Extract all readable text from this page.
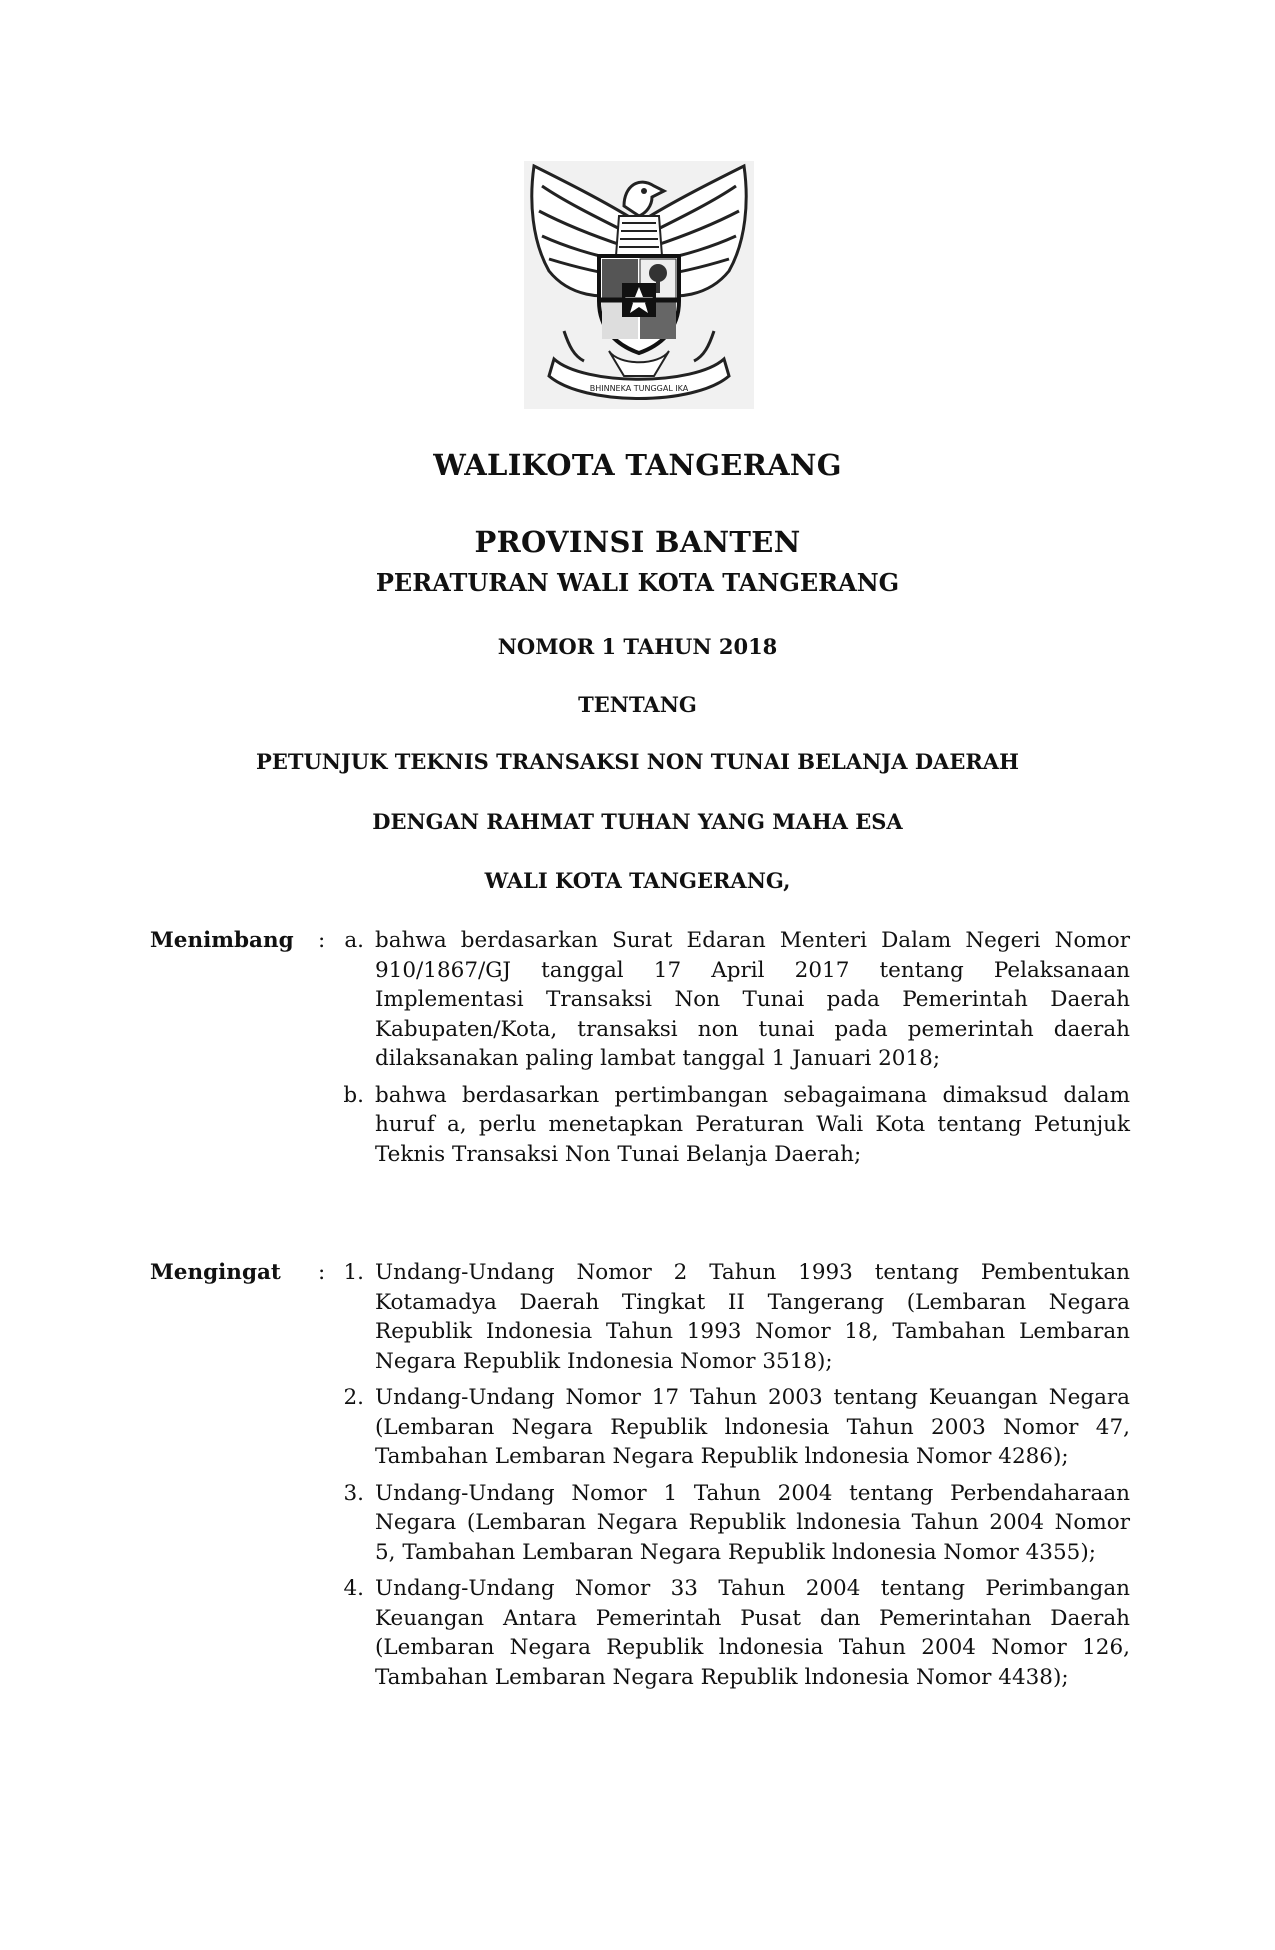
BHINNEKA TUNGGAL IKA
WALIKOTA TANGERANG
PROVINSI BANTEN
PERATURAN WALI KOTA TANGERANG
NOMOR 1 TAHUN 2018
TENTANG
PETUNJUK TEKNIS TRANSAKSI NON TUNAI BELANJA DAERAH
DENGAN RAHMAT TUHAN YANG MAHA ESA
WALI KOTA TANGERANG,
Menimbang	: a. bahwa berdasarkan Surat Edaran Menteri Dalam Negeri Nomor 910/1867/GJ tanggal 17 April 2017 tentang Pelaksanaan Implementasi Transaksi Non Tunai pada Pemerintah Daerah Kabupaten/Kota, transaksi non tunai pada pemerintah daerah dilaksanakan paling lambat tanggal 1 Januari 2018;
b. bahwa berdasarkan pertimbangan sebagaimana dimaksud dalam huruf a, perlu menetapkan Peraturan Wali Kota tentang Petunjuk Teknis Transaksi Non Tunai Belanja Daerah;
Mengingat	: 1. Undang-Undang Nomor 2 Tahun 1993 tentang Pembentukan Kotamadya Daerah Tingkat II Tangerang (Lembaran Negara Republik Indonesia Tahun 1993 Nomor 18, Tambahan Lembaran Negara Republik Indonesia Nomor 3518);
2. Undang-Undang Nomor 17 Tahun 2003 tentang Keuangan Negara (Lembaran Negara Republik lndonesia Tahun 2003 Nomor 47, Tambahan Lembaran Negara Republik lndonesia Nomor 4286);
3. Undang-Undang Nomor 1 Tahun 2004 tentang Perbendaharaan Negara (Lembaran Negara Republik lndonesia Tahun 2004 Nomor 5, Tambahan Lembaran Negara Republik lndonesia Nomor 4355);
4. Undang-Undang Nomor 33 Tahun 2004 tentang Perimbangan Keuangan Antara Pemerintah Pusat dan Pemerintahan Daerah (Lembaran Negara Republik lndonesia Tahun 2004 Nomor 126, Tambahan Lembaran Negara Republik lndonesia Nomor 4438);
